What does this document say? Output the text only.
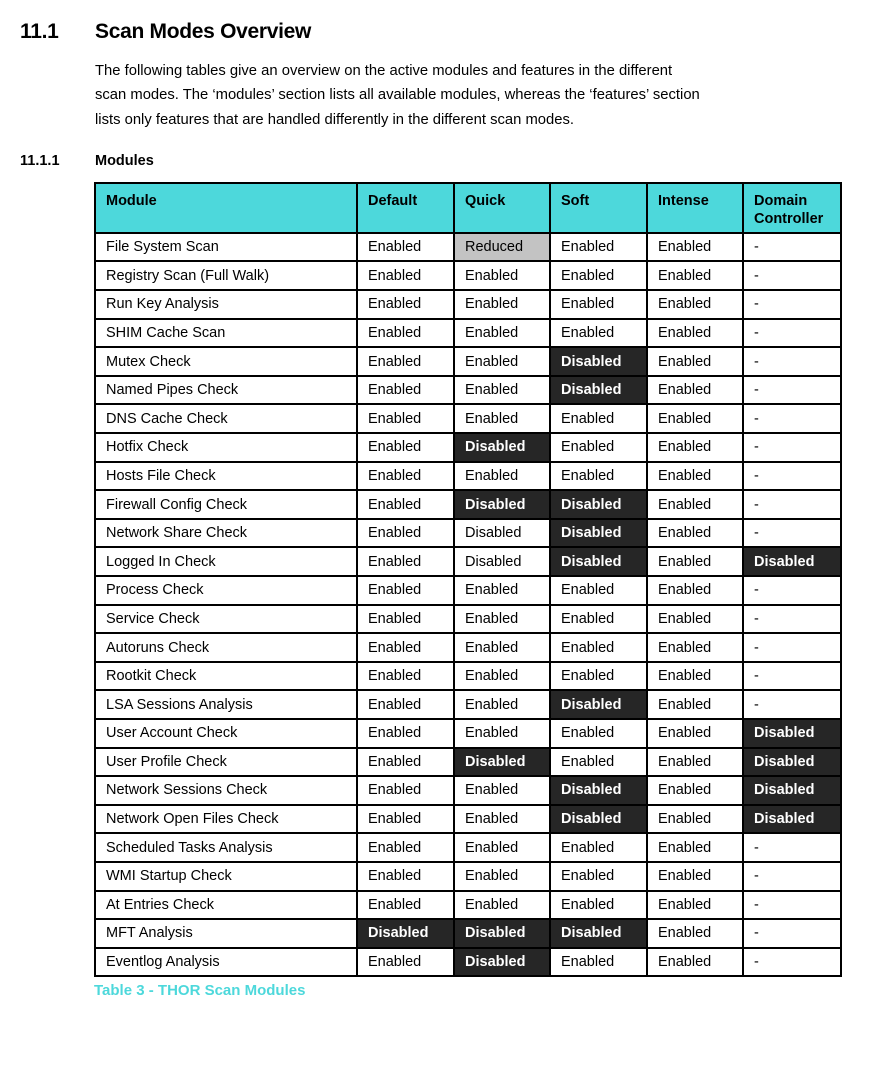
11.1	Scan Modes Overview
The following tables give an overview on the active modules and features in the different
scan modes. The ‘modules’ section lists all available modules, whereas the ‘features’ section
lists only features that are handled differently in the different scan modes.
11.1.1	Modules
Module	Default	Quick	Soft	Intense	Domain Controller
File System Scan	Enabled	Reduced	Enabled	Enabled	-
Registry Scan (Full Walk)	Enabled	Enabled	Enabled	Enabled	-
Run Key Analysis	Enabled	Enabled	Enabled	Enabled	-
SHIM Cache Scan	Enabled	Enabled	Enabled	Enabled	-
Mutex Check	Enabled	Enabled	Disabled	Enabled	-
Named Pipes Check	Enabled	Enabled	Disabled	Enabled	-
DNS Cache Check	Enabled	Enabled	Enabled	Enabled	-
Hotfix Check	Enabled	Disabled	Enabled	Enabled	-
Hosts File Check	Enabled	Enabled	Enabled	Enabled	-
Firewall Config Check	Enabled	Disabled	Disabled	Enabled	-
Network Share Check	Enabled	Disabled	Disabled	Enabled	-
Logged In Check	Enabled	Disabled	Disabled	Enabled	Disabled
Process Check	Enabled	Enabled	Enabled	Enabled	-
Service Check	Enabled	Enabled	Enabled	Enabled	-
Autoruns Check	Enabled	Enabled	Enabled	Enabled	-
Rootkit Check	Enabled	Enabled	Enabled	Enabled	-
LSA Sessions Analysis	Enabled	Enabled	Disabled	Enabled	-
User Account Check	Enabled	Enabled	Enabled	Enabled	Disabled
User Profile Check	Enabled	Disabled	Enabled	Enabled	Disabled
Network Sessions Check	Enabled	Enabled	Disabled	Enabled	Disabled
Network Open Files Check	Enabled	Enabled	Disabled	Enabled	Disabled
Scheduled Tasks Analysis	Enabled	Enabled	Enabled	Enabled	-
WMI Startup Check	Enabled	Enabled	Enabled	Enabled	-
At Entries Check	Enabled	Enabled	Enabled	Enabled	-
MFT Analysis	Disabled	Disabled	Disabled	Enabled	-
Eventlog Analysis	Enabled	Disabled	Enabled	Enabled	-
Table 3 - THOR Scan Modules
